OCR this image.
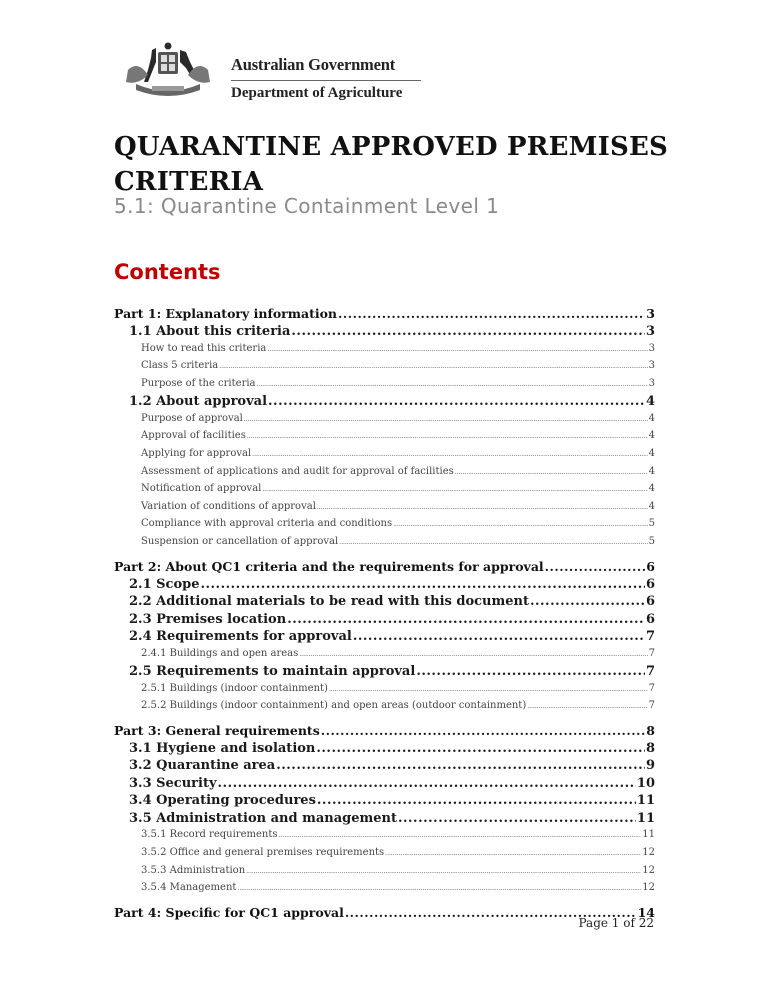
Australian Government
Department of Agriculture
QUARANTINE APPROVED PREMISES CRITERIA
5.1: Quarantine Containment Level 1
Contents
Part 1: Explanatory information .....	3
1.1 About this criteria .....	3
How to read this criteria .....	3
Class 5 criteria .....	3
Purpose of the criteria .....	3
1.2 About approval .....	4
Purpose of approval .....	4
Approval of facilities .....	4
Applying for approval .....	4
Assessment of applications and audit for approval of facilities .....	4
Notification of approval .....	4
Variation of conditions of approval .....	4
Compliance with approval criteria and conditions .....	5
Suspension or cancellation of approval .....	5
Part 2: About QC1 criteria and the requirements for approval .....	6
2.1 Scope .....	6
2.2 Additional materials to be read with this document .....	6
2.3 Premises location .....	6
2.4 Requirements for approval .....	7
2.4.1 Buildings and open areas .....	7
2.5 Requirements to maintain approval .....	7
2.5.1 Buildings (indoor containment) .....	7
2.5.2 Buildings (indoor containment) and open areas (outdoor containment) .....	7
Part 3: General requirements .....	8
3.1 Hygiene and isolation .....	8
3.2 Quarantine area .....	9
3.3 Security .....	10
3.4 Operating procedures .....	11
3.5 Administration and management .....	11
3.5.1 Record requirements .....	11
3.5.2 Office and general premises requirements .....	12
3.5.3 Administration .....	12
3.5.4 Management .....	12
Part 4: Specific for QC1 approval .....	14
Page 1 of 22
